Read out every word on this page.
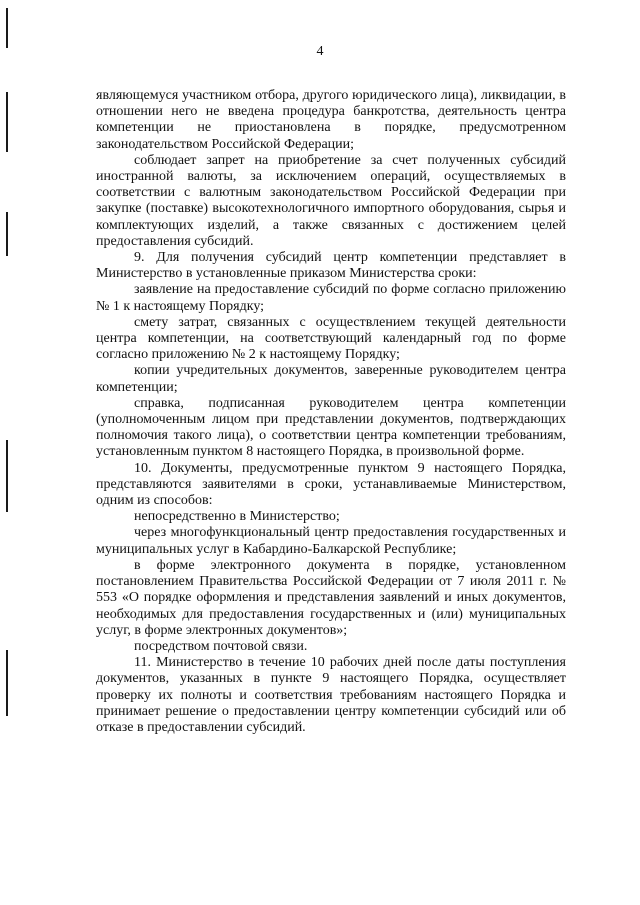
4

являющемуся участником отбора, другого юридического лица), ликвидации, в отношении него не введена процедура банкротства, деятельность центра компетенции не приостановлена в порядке, предусмотренном законодательством Российской Федерации;

соблюдает запрет на приобретение за счет полученных субсидий иностранной валюты, за исключением операций, осуществляемых в соответствии с валютным законодательством Российской Федерации при закупке (поставке) высокотехнологичного импортного оборудования, сырья и комплектующих изделий, а также связанных с достижением целей предоставления субсидий.

9. Для получения субсидий центр компетенции представляет в Министерство в установленные приказом Министерства сроки:

заявление на предоставление субсидий по форме согласно приложению № 1 к настоящему Порядку;

смету затрат, связанных с осуществлением текущей деятельности центра компетенции, на соответствующий календарный год по форме согласно приложению № 2 к настоящему Порядку;

копии учредительных документов, заверенные руководителем центра компетенции;

справка, подписанная руководителем центра компетенции (уполномоченным лицом при представлении документов, подтверждающих полномочия такого лица), о соответствии центра компетенции требованиям, установленным пунктом 8 настоящего Порядка, в произвольной форме.

10. Документы, предусмотренные пунктом 9 настоящего Порядка, представляются заявителями в сроки, устанавливаемые Министерством, одним из способов:

непосредственно в Министерство;

через многофункциональный центр предоставления государственных и муниципальных услуг в Кабардино-Балкарской Республике;

в форме электронного документа в порядке, установленном постановлением Правительства Российской Федерации от 7 июля 2011 г. № 553 «О порядке оформления и представления заявлений и иных документов, необходимых для предоставления государственных и (или) муниципальных услуг, в форме электронных документов»;

посредством почтовой связи.

11. Министерство в течение 10 рабочих дней после даты поступления документов, указанных в пункте 9 настоящего Порядка, осуществляет проверку их полноты и соответствия требованиям настоящего Порядка и принимает решение о предоставлении центру компетенции субсидий или об отказе в предоставлении субсидий.
